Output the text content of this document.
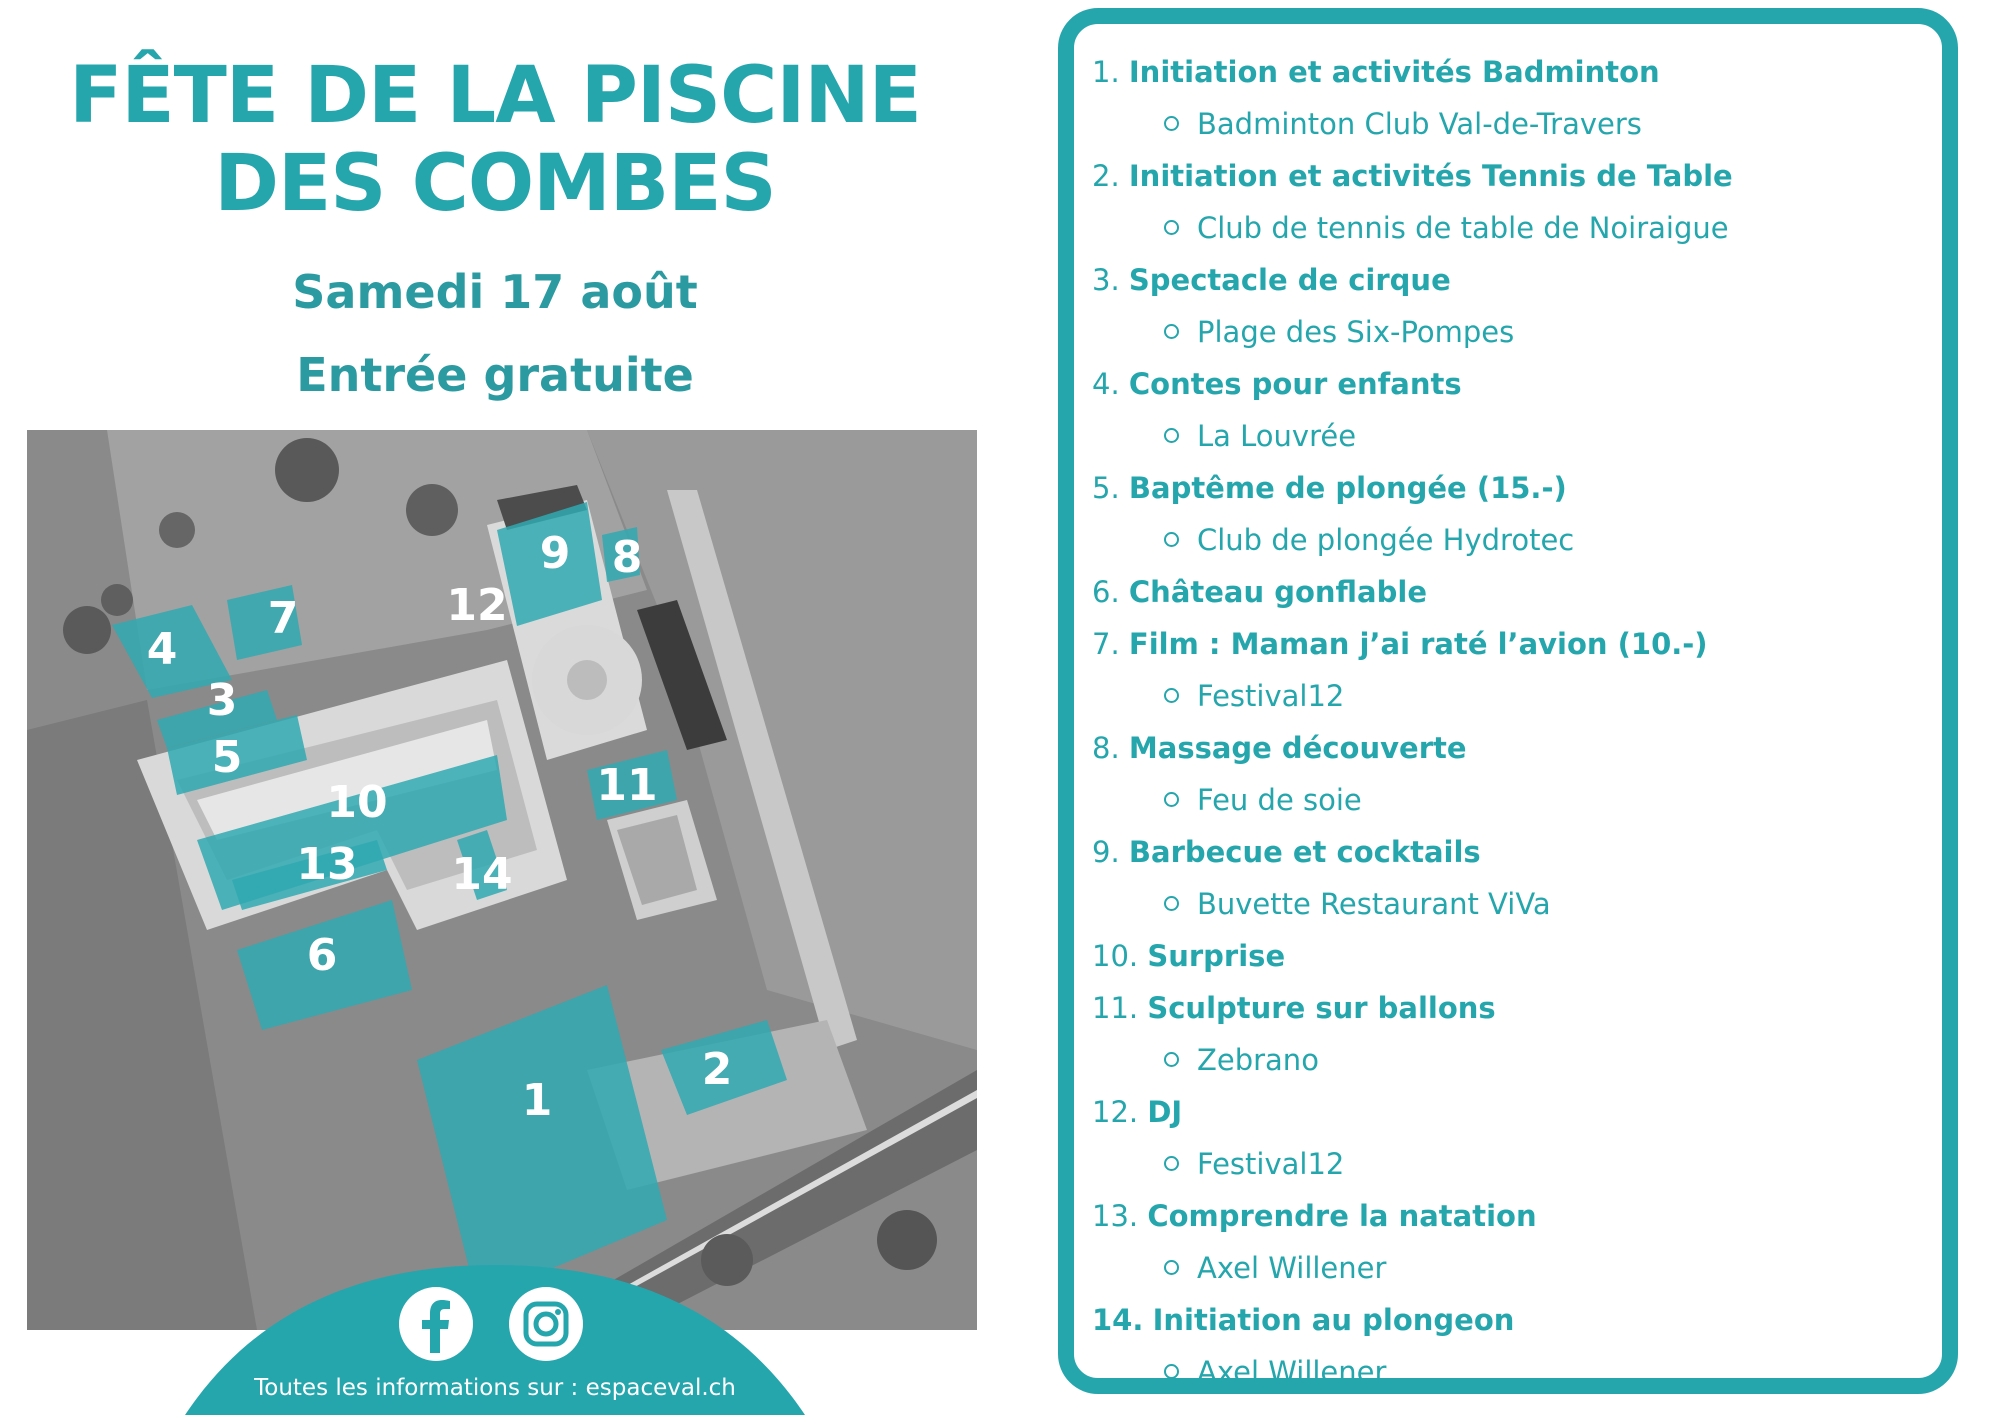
FÊTE DE LA PISCINE
DES COMBES
Samedi 17 août
Entrée gratuite
1
2
3
4
5
6
7
8
9
10	11
12
13 14
Toutes les informations sur : espaceval.ch
1. Initiation et activités Badminton
Badminton Club Val-de-Travers
2. Initiation et activités Tennis de Table
Club de tennis de table de Noiraigue
3. Spectacle de cirque
Plage des Six-Pompes
4. Contes pour enfants
La Louvrée
5. Baptême de plongée (15.-)
Club de plongée Hydrotec
6. Château gonflable
7. Film : Maman j’ai raté l’avion (10.-)
Festival12
8. Massage découverte
Feu de soie
9. Barbecue et cocktails
Buvette Restaurant ViVa
10. Surprise
11. Sculpture sur ballons
Zebrano
12. DJ
Festival12
13. Comprendre la natation
Axel Willener
14. Initiation au plongeon
Axel Willener
